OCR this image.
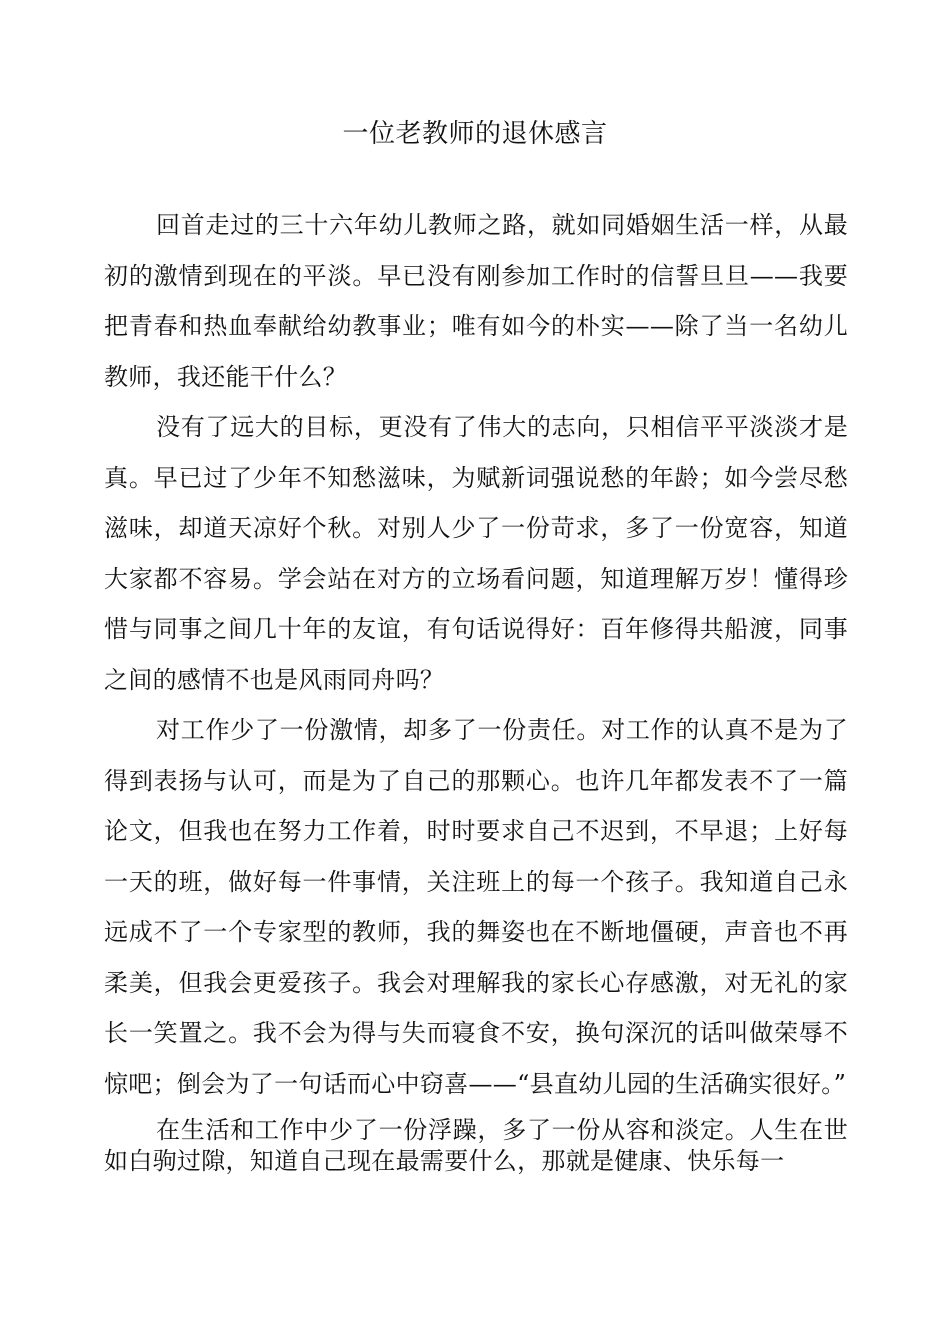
一位老教师的退休感言

回首走过的三十六年幼儿教师之路，就如同婚姻生活一样，从最初的激情到现在的平淡。早已没有刚参加工作时的信誓旦旦——我要把青春和热血奉献给幼教事业；唯有如今的朴实——除了当一名幼儿教师，我还能干什么？

没有了远大的目标，更没有了伟大的志向，只相信平平淡淡才是真。早已过了少年不知愁滋味，为赋新词强说愁的年龄；如今尝尽愁滋味，却道天凉好个秋。对别人少了一份苛求，多了一份宽容，知道大家都不容易。学会站在对方的立场看问题，知道理解万岁！懂得珍惜与同事之间几十年的友谊，有句话说得好：百年修得共船渡，同事之间的感情不也是风雨同舟吗？

对工作少了一份激情，却多了一份责任。对工作的认真不是为了得到表扬与认可，而是为了自己的那颗心。也许几年都发表不了一篇论文，但我也在努力工作着，时时要求自己不迟到，不早退；上好每一天的班，做好每一件事情，关注班上的每一个孩子。我知道自己永远成不了一个专家型的教师，我的舞姿也在不断地僵硬，声音也不再柔美，但我会更爱孩子。我会对理解我的家长心存感激，对无礼的家长一笑置之。我不会为得与失而寝食不安，换句深沉的话叫做荣辱不惊吧；倒会为了一句话而心中窃喜——“县直幼儿园的生活确实很好。”

在生活和工作中少了一份浮躁，多了一份从容和淡定。人生在世如白驹过隙，知道自己现在最需要什么，那就是健康、快乐每一
